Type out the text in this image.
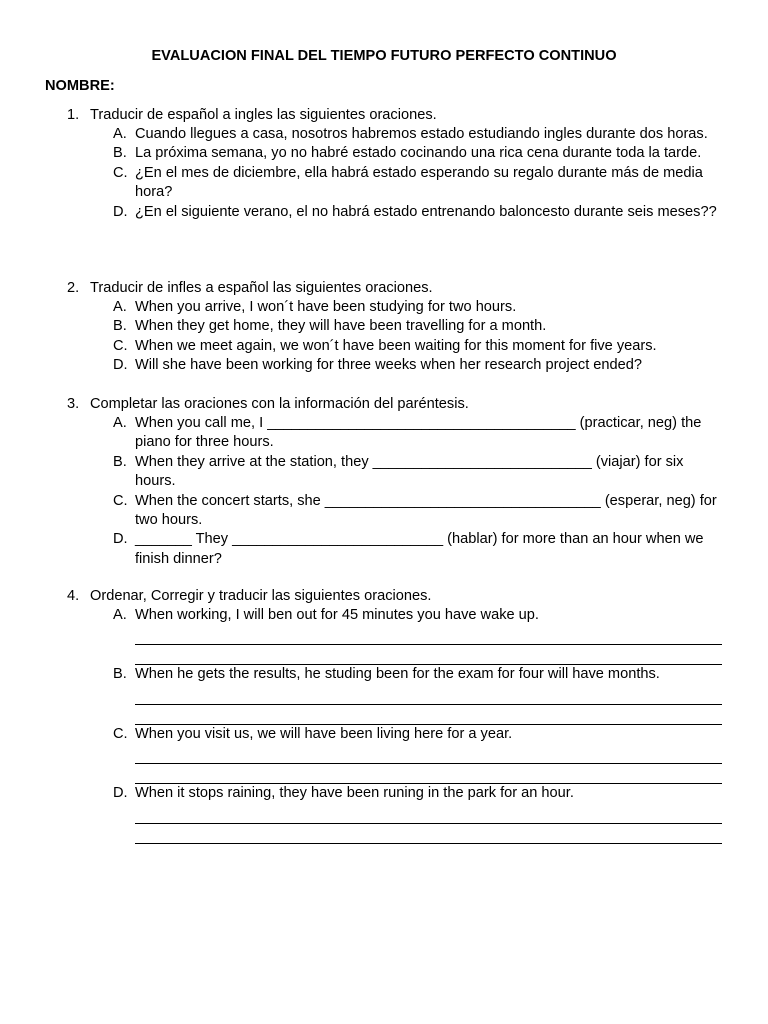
EVALUACION FINAL DEL TIEMPO FUTURO PERFECTO CONTINUO
NOMBRE:
1. Traducir de español a ingles las siguientes oraciones.
A. Cuando llegues a casa, nosotros habremos estado estudiando ingles durante dos horas.
B. La próxima semana, yo no habré estado cocinando una rica cena durante toda la tarde.
C. ¿En el mes de diciembre, ella habrá estado esperando su regalo durante más de media hora?
D. ¿En el siguiente verano, el no habrá estado entrenando baloncesto durante seis meses??
2. Traducir de infles a español las siguientes oraciones.
A. When you arrive, I won´t have been studying for two hours.
B. When they get home, they will have been travelling for a month.
C. When we meet again, we won´t have been waiting for this moment for five years.
D. Will she have been working for three weeks when her research project ended?
3. Completar las oraciones con la información del paréntesis.
A. When you call me, I ______________________________________ (practicar, neg) the piano for three hours.
B. When they arrive at the station, they ___________________________ (viajar) for six hours.
C. When the concert starts, she __________________________________ (esperar, neg) for two hours.
D. _______ They __________________________ (hablar) for more than an hour when we finish dinner?
4. Ordenar, Corregir y traducir las siguientes oraciones.
A. When working, I will ben out for 45 minutes you have wake up.
B. When he gets the results, he studing been for the exam for four will have months.
C. When you visit us, we will have been living here for a year.
D. When it stops raining, they have been runing in the park for an hour.
